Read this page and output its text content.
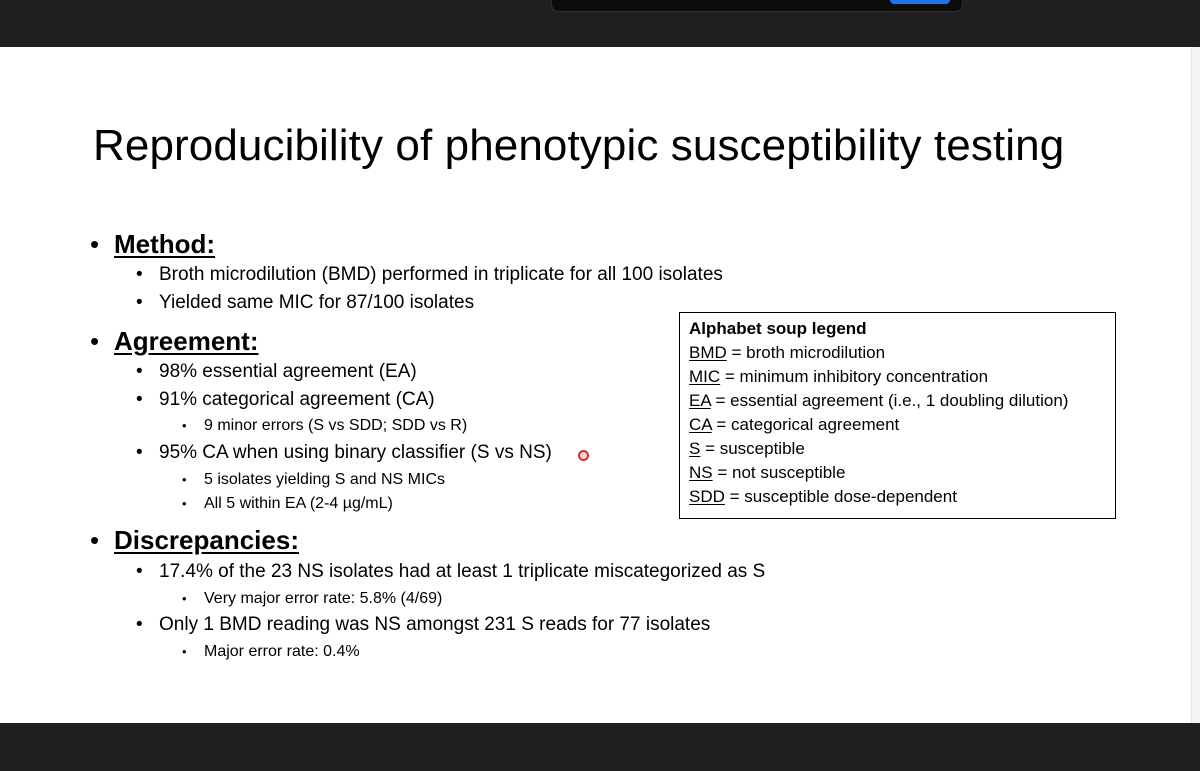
Reproducibility of phenotypic susceptibility testing
• Method:
• Broth microdilution (BMD) performed in triplicate for all 100 isolates
• Yielded same MIC for 87/100 isolates
• Agreement:
• 98% essential agreement (EA)
• 91% categorical agreement (CA)
• 9 minor errors (S vs SDD; SDD vs R)
• 95% CA when using binary classifier (S vs NS)
• 5 isolates yielding S and NS MICs
• All 5 within EA (2-4 µg/mL)
• Discrepancies:
• 17.4% of the 23 NS isolates had at least 1 triplicate miscategorized as S
• Very major error rate: 5.8% (4/69)
• Only 1 BMD reading was NS amongst 231 S reads for 77 isolates
• Major error rate: 0.4%
Alphabet soup legend
BMD = broth microdilution
MIC = minimum inhibitory concentration
EA = essential agreement (i.e., 1 doubling dilution)
CA = categorical agreement
S = susceptible
NS = not susceptible
SDD = susceptible dose-dependent
